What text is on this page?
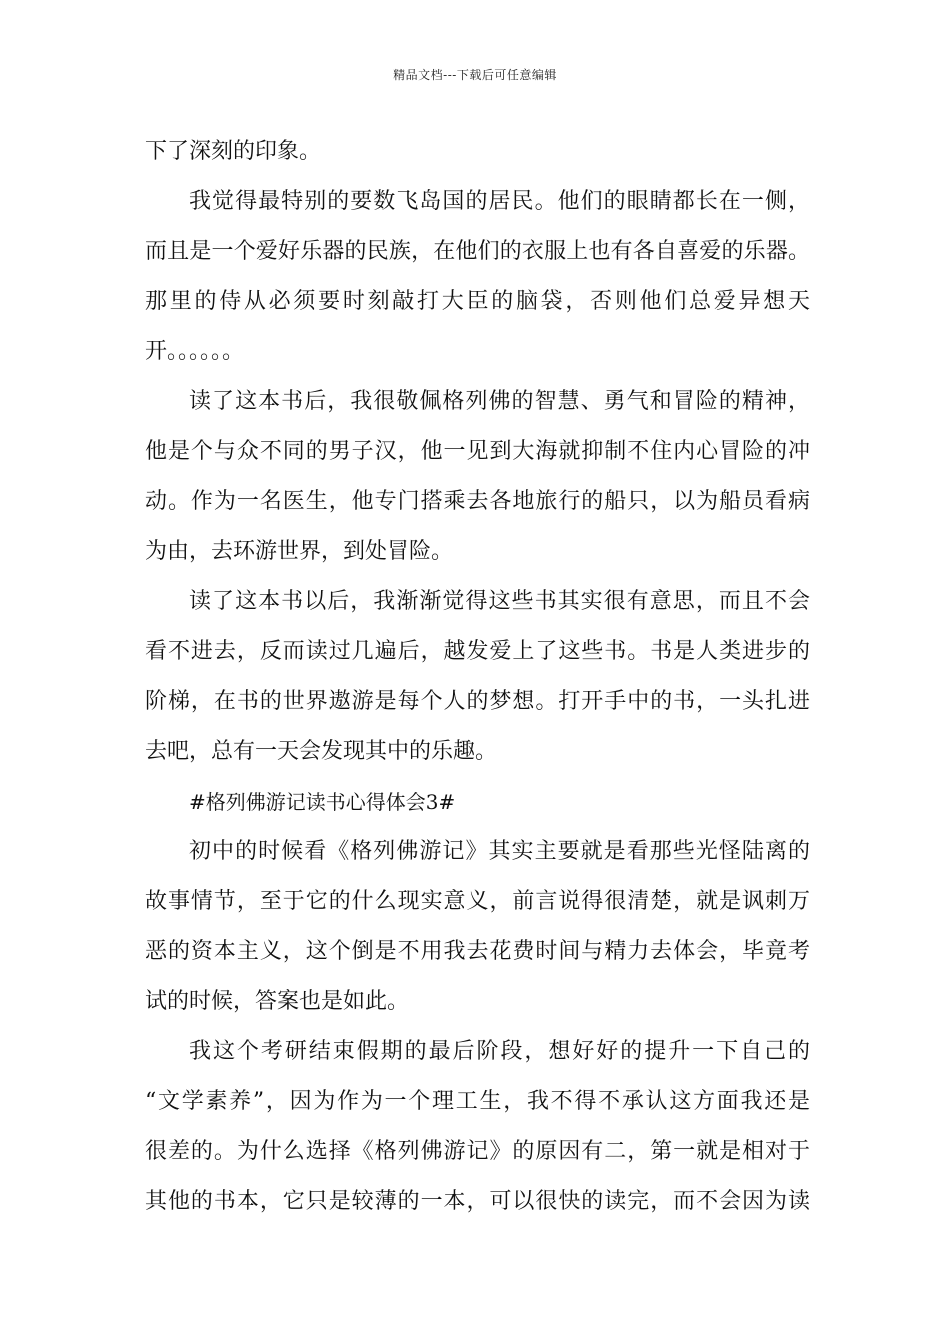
精品文档---下载后可任意编辑
下了深刻的印象。
我觉得最特别的要数飞岛国的居民。他们的眼睛都长在一侧，
而且是一个爱好乐器的民族，在他们的衣服上也有各自喜爱的乐器。
那里的侍从必须要时刻敲打大臣的脑袋，否则他们总爱异想天
开。。。。。。
读了这本书后，我很敬佩格列佛的智慧、勇气和冒险的精神，
他是个与众不同的男子汉，他一见到大海就抑制不住内心冒险的冲
动。作为一名医生，他专门搭乘去各地旅行的船只，以为船员看病
为由，去环游世界，到处冒险。
读了这本书以后，我渐渐觉得这些书其实很有意思，而且不会
看不进去，反而读过几遍后，越发爱上了这些书。书是人类进步的
阶梯，在书的世界遨游是每个人的梦想。打开手中的书，一头扎进
去吧，总有一天会发现其中的乐趣。
#格列佛游记读书心得体会3#
初中的时候看《格列佛游记》其实主要就是看那些光怪陆离的
故事情节，至于它的什么现实意义，前言说得很清楚，就是讽刺万
恶的资本主义，这个倒是不用我去花费时间与精力去体会，毕竟考
试的时候，答案也是如此。
我这个考研结束假期的最后阶段，想好好的提升一下自己的
“文学素养”，因为作为一个理工生，我不得不承认这方面我还是
很差的。为什么选择《格列佛游记》的原因有二，第一就是相对于
其他的书本，它只是较薄的一本，可以很快的读完，而不会因为读
